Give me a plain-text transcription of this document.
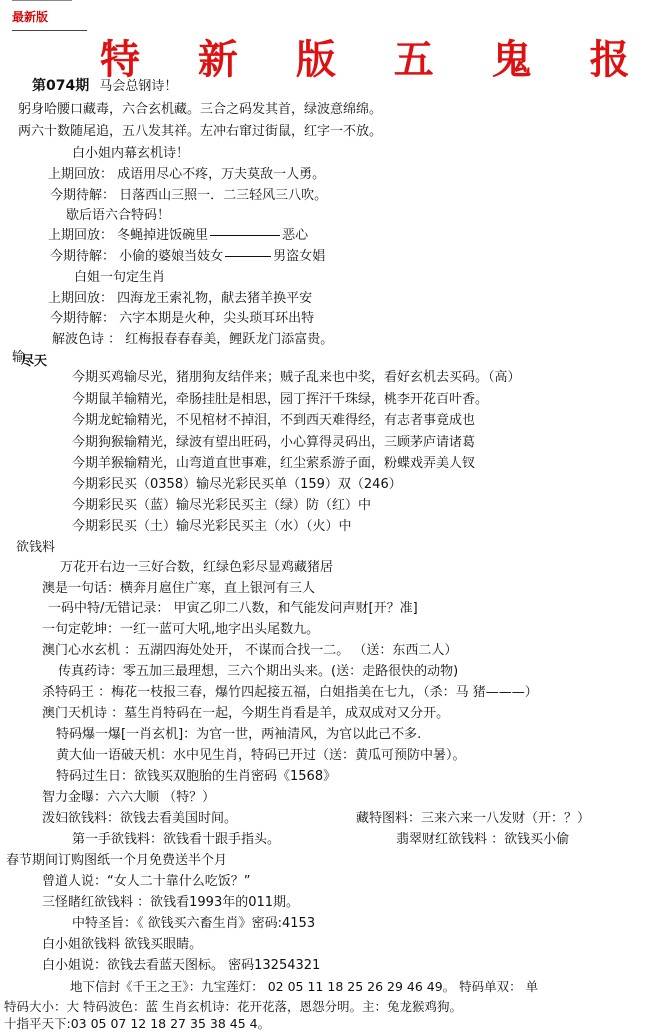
最新版
特 新 版 五 鬼 报
第074期 马会总钢诗！
躬身哈腰口藏毒，六合玄机藏。三合之码发其首，绿波意绵绵。
两六十数随尾追，五八发其祥。左冲右窜过街鼠，红字一不放。
白小姐内幕玄机诗！
上期回放： 成语用尽心不疼，万夫莫敌一人勇。
今期待解： 日落西山三照一．二三轻风三八吹。
歇后语六合特码！
上期回放： 冬蝇掉进饭碗里	恶心
今期待解： 小偷的婆娘当妓女	男盗女娼
白姐一句定生肖
上期回放： 四海龙王索礼物，献去猪羊换平安
今期待解： 六字本期是火种，尖头琐耳环出特
解波色诗 ： 红梅报春春春美，鲤跃龙门添富贵。
输尽天
今期买鸡输尽光，猪朋狗友结伴来；贼子乱来也中奖，看好玄机去买码。（高）
今期鼠羊输精光，牵肠挂肚是相思，园丁挥汗千珠绿，桃李开花百叶香。
今期龙蛇输精光，不见棺材不掉泪，不到西天难得经，有志者事竟成也
今期狗猴输精光，绿波有望出旺码，小心算得灵码出，三顾茅庐请诸葛
今期羊猴输精光，山弯道直世事难，红尘萦系游子面，粉蝶戏弄美人钗
今期彩民买（0358）输尽光彩民买单（159）双（246）
今期彩民买（蓝）输尽光彩民买主（绿）防（红）中
今期彩民买（土）输尽光彩民买主（水）（火）中
欲钱料
万花开右边一三好合数，红绿色彩尽显鸡藏猪居
澳是一句话：横奔月扈住广寒，直上银河有三人
一码中特/无错记录： 甲寅乙卯二八数，和气能发问声财[开？准]
一句定乾坤：一红一蓝可大吼,地字出头尾数九。
澳门心水玄机 ：五湖四海处处开， 不谋而合找一二。 （送：东西二人）
传真药诗：零五加三最理想，三六个期出头来。(送：走路很快的动物)
杀特码王 ：梅花一枝报三春，爆竹四起接五福，白姐指美在七九，（杀：马 猪———）
澳门天机诗 ：墓生肖特码在一起，今期生肖看是羊，成双成对又分开。
特码爆一爆[一肖玄机]：为官一世，两袖清风，为官以此己不多.
黄大仙一语破天机：水中见生肖，特码已开过（送：黄瓜可预防中暑）。
特码过生日：欲钱买双胞胎的生肖密码《1568》
智力金曝：六六大顺 （特？）
泼妇欲钱料：欲钱去看美国时间。	藏特图料：三来六来一八发财（开：？）
第一手欲钱料：欲钱看十跟手指头。	翡翠财红欲钱料 ：欲钱买小偷
春节期间订购图纸一个月免费送半个月
曾道人说：“女人二十靠什么吃饭？”
三怪睹红欲钱料 ：欲钱看1993年的011期。
中特圣旨：《 欲钱买六畜生肖》密码:4153
白小姐欲钱料 欲钱买眼睛。
白小姐说：欲钱去看蓝天图标。 密码13254321
地下信封《千王之王》：九宝莲灯： 02 05 11 18 25 26 29 46 49。 特码单双： 单
特码大小：大 特码波色：蓝 生肖玄机诗：花开花落，恩怨分明。主：兔龙猴鸡狗。
十指平天下:03 05 07 12 18 27 35 38 45 4。
